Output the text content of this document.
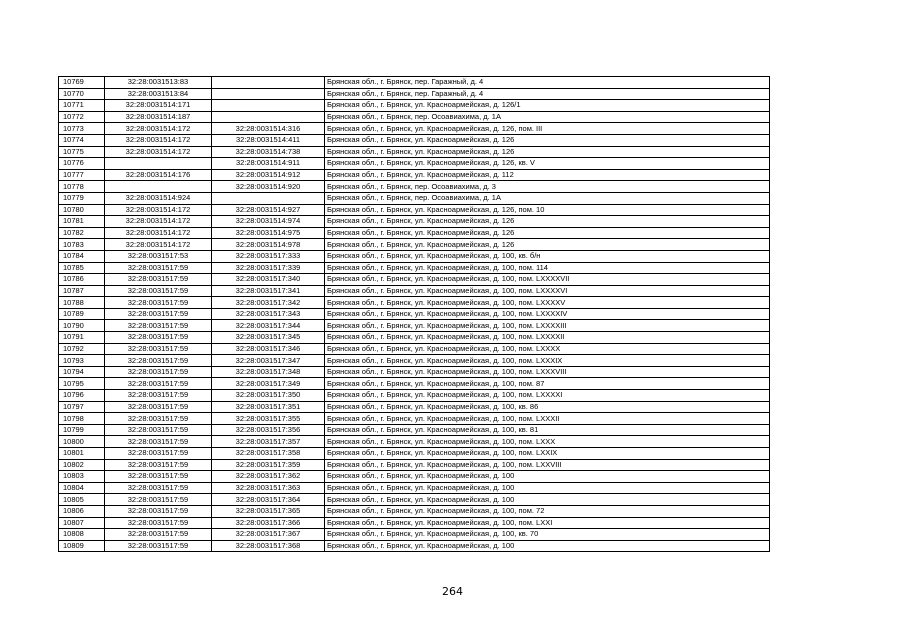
10769	32:28:0031513:83		Брянская обл., г. Брянск, пер. Гаражный, д. 4
10770	32:28:0031513:84		Брянская обл., г. Брянск, пер. Гаражный, д. 4
10771	32:28:0031514:171		Брянская обл., г. Брянск, ул. Красноармейская, д. 126/1
10772	32:28:0031514:187		Брянская обл., г. Брянск, пер. Осоавиахима, д. 1А
10773	32:28:0031514:172	32:28:0031514:316	Брянская обл., г. Брянск, ул. Красноармейская, д. 126, пом. III
10774	32:28:0031514:172	32:28:0031514:411	Брянская обл., г. Брянск, ул. Красноармейская, д. 126
10775	32:28:0031514:172	32:28:0031514:738	Брянская обл., г. Брянск, ул. Красноармейская, д. 126
10776		32:28:0031514:911	Брянская обл., г. Брянск, ул. Красноармейская, д. 126, кв. V
10777	32:28:0031514:176	32:28:0031514:912	Брянская обл., г. Брянск, ул. Красноармейская, д. 112
10778		32:28:0031514:920	Брянская обл., г. Брянск, пер. Осоавиахима, д. 3
10779	32:28:0031514:924		Брянская обл., г. Брянск, пер. Осоавиахима, д. 1А
10780	32:28:0031514:172	32:28:0031514:927	Брянская обл., г. Брянск, ул. Красноармейская, д. 126, пом. 10
10781	32:28:0031514:172	32:28:0031514:974	Брянская обл., г. Брянск, ул. Красноармейская, д. 126
10782	32:28:0031514:172	32:28:0031514:975	Брянская обл., г. Брянск, ул. Красноармейская, д. 126
10783	32:28:0031514:172	32:28:0031514:978	Брянская обл., г. Брянск, ул. Красноармейская, д. 126
10784	32:28:0031517:53	32:28:0031517:333	Брянская обл., г. Брянск, ул. Красноармейская, д. 100, кв. б/н
10785	32:28:0031517:59	32:28:0031517:339	Брянская обл., г. Брянск, ул. Красноармейская, д. 100, пом. 114
10786	32:28:0031517:59	32:28:0031517:340	Брянская обл., г. Брянск, ул. Красноармейская, д. 100, пом. LXXXXVII
10787	32:28:0031517:59	32:28:0031517:341	Брянская обл., г. Брянск, ул. Красноармейская, д. 100, пом. LXXXXVI
10788	32:28:0031517:59	32:28:0031517:342	Брянская обл., г. Брянск, ул. Красноармейская, д. 100, пом. LXXXXV
10789	32:28:0031517:59	32:28:0031517:343	Брянская обл., г. Брянск, ул. Красноармейская, д. 100, пом. LXXXXIV
10790	32:28:0031517:59	32:28:0031517:344	Брянская обл., г. Брянск, ул. Красноармейская, д. 100, пом. LXXXXIII
10791	32:28:0031517:59	32:28:0031517:345	Брянская обл., г. Брянск, ул. Красноармейская, д. 100, пом. LXXXXII
10792	32:28:0031517:59	32:28:0031517:346	Брянская обл., г. Брянск, ул. Красноармейская, д. 100, пом. LXXXX
10793	32:28:0031517:59	32:28:0031517:347	Брянская обл., г. Брянск, ул. Красноармейская, д. 100, пом. LXXXIX
10794	32:28:0031517:59	32:28:0031517:348	Брянская обл., г. Брянск, ул. Красноармейская, д. 100, пом. LXXXVIII
10795	32:28:0031517:59	32:28:0031517:349	Брянская обл., г. Брянск, ул. Красноармейская, д. 100, пом. 87
10796	32:28:0031517:59	32:28:0031517:350	Брянская обл., г. Брянск, ул. Красноармейская, д. 100, пом. LXXXXI
10797	32:28:0031517:59	32:28:0031517:351	Брянская обл., г. Брянск, ул. Красноармейская, д. 100, кв. 86
10798	32:28:0031517:59	32:28:0031517:355	Брянская обл., г. Брянск, ул. Красноармейская, д. 100, пом. LXXXII
10799	32:28:0031517:59	32:28:0031517:356	Брянская обл., г. Брянск, ул. Красноармейская, д. 100, кв. 81
10800	32:28:0031517:59	32:28:0031517:357	Брянская обл., г. Брянск, ул. Красноармейская, д. 100, пом. LXXX
10801	32:28:0031517:59	32:28:0031517:358	Брянская обл., г. Брянск, ул. Красноармейская, д. 100, пом. LXXIX
10802	32:28:0031517:59	32:28:0031517:359	Брянская обл., г. Брянск, ул. Красноармейская, д. 100, пом. LXXVIII
10803	32:28:0031517:59	32:28:0031517:362	Брянская обл., г. Брянск, ул. Красноармейская, д. 100
10804	32:28:0031517:59	32:28:0031517:363	Брянская обл., г. Брянск, ул. Красноармейская, д. 100
10805	32:28:0031517:59	32:28:0031517:364	Брянская обл., г. Брянск, ул. Красноармейская, д. 100
10806	32:28:0031517:59	32:28:0031517:365	Брянская обл., г. Брянск, ул. Красноармейская, д. 100, пом. 72
10807	32:28:0031517:59	32:28:0031517:366	Брянская обл., г. Брянск, ул. Красноармейская, д. 100, пом. LXXI
10808	32:28:0031517:59	32:28:0031517:367	Брянская обл., г. Брянск, ул. Красноармейская, д. 100, кв. 70
10809	32:28:0031517:59	32:28:0031517:368	Брянская обл., г. Брянск, ул. Красноармейская, д. 100
264
